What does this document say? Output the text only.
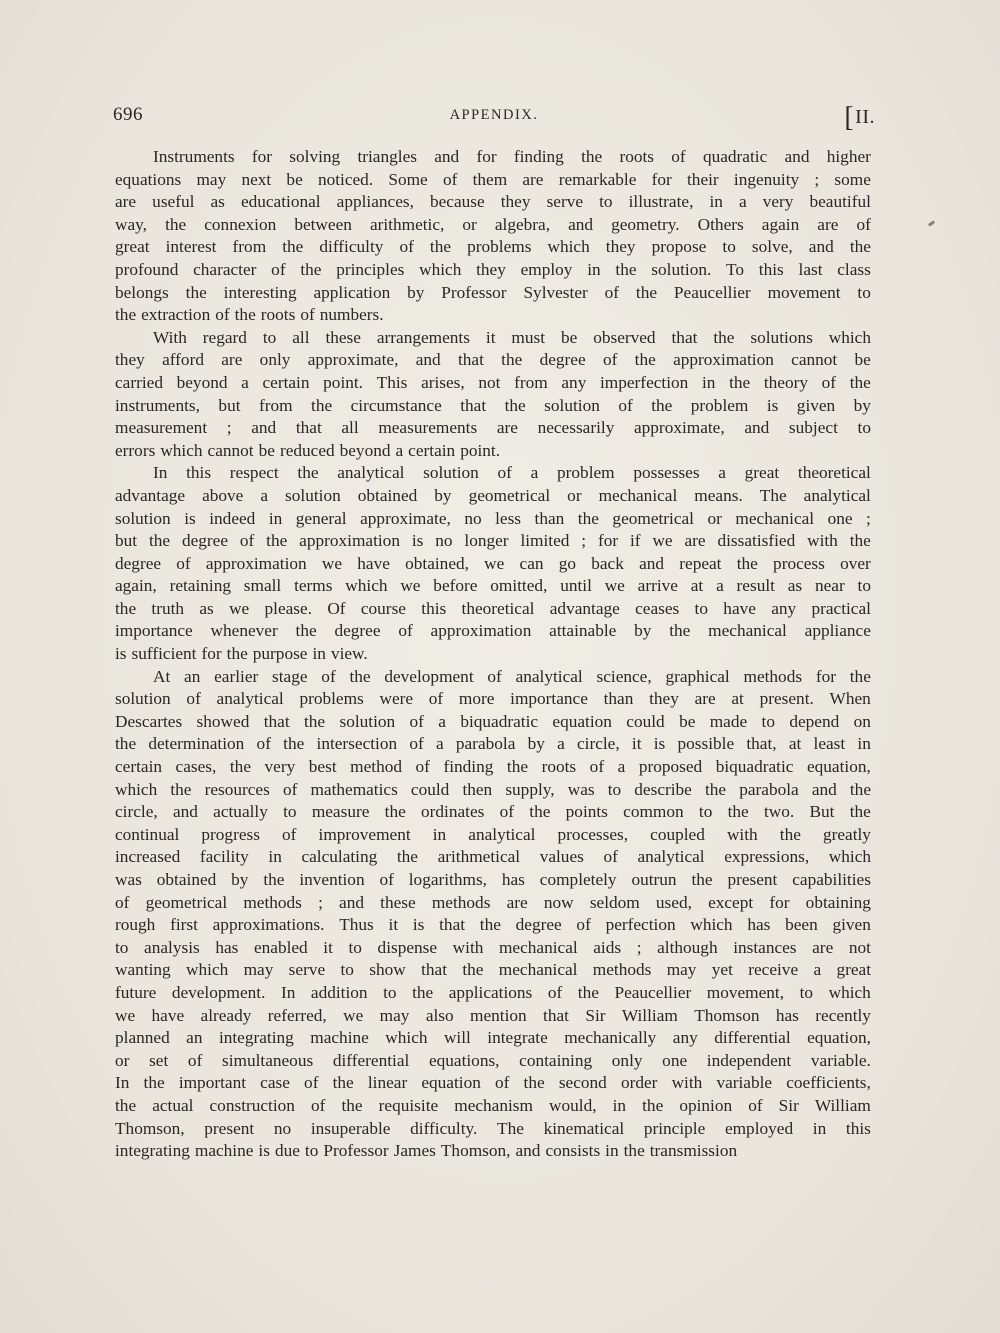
696	APPENDIX.	[II.
Instruments for solving triangles and for finding the roots of quadratic and higher
equations may next be noticed. Some of them are remarkable for their ingenuity ; some
are useful as educational appliances, because they serve to illustrate, in a very beautiful
way, the connexion between arithmetic, or algebra, and geometry. Others again are of
great interest from the difficulty of the problems which they propose to solve, and the
profound character of the principles which they employ in the solution. To this last class
belongs the interesting application by Professor Sylvester of the Peaucellier movement to
the extraction of the roots of numbers.
With regard to all these arrangements it must be observed that the solutions which
they afford are only approximate, and that the degree of the approximation cannot be
carried beyond a certain point. This arises, not from any imperfection in the theory of the
instruments, but from the circumstance that the solution of the problem is given by
measurement ; and that all measurements are necessarily approximate, and subject to
errors which cannot be reduced beyond a certain point.
In this respect the analytical solution of a problem possesses a great theoretical
advantage above a solution obtained by geometrical or mechanical means. The analytical
solution is indeed in general approximate, no less than the geometrical or mechanical one ;
but the degree of the approximation is no longer limited ; for if we are dissatisfied with the
degree of approximation we have obtained, we can go back and repeat the process over
again, retaining small terms which we before omitted, until we arrive at a result as near to
the truth as we please. Of course this theoretical advantage ceases to have any practical
importance whenever the degree of approximation attainable by the mechanical appliance
is sufficient for the purpose in view.
At an earlier stage of the development of analytical science, graphical methods for the
solution of analytical problems were of more importance than they are at present. When
Descartes showed that the solution of a biquadratic equation could be made to depend on
the determination of the intersection of a parabola by a circle, it is possible that, at least in
certain cases, the very best method of finding the roots of a proposed biquadratic equation,
which the resources of mathematics could then supply, was to describe the parabola and the
circle, and actually to measure the ordinates of the points common to the two. But the
continual progress of improvement in analytical processes, coupled with the greatly
increased facility in calculating the arithmetical values of analytical expressions, which
was obtained by the invention of logarithms, has completely outrun the present capabilities
of geometrical methods ; and these methods are now seldom used, except for obtaining
rough first approximations. Thus it is that the degree of perfection which has been given
to analysis has enabled it to dispense with mechanical aids ; although instances are not
wanting which may serve to show that the mechanical methods may yet receive a great
future development. In addition to the applications of the Peaucellier movement, to which
we have already referred, we may also mention that Sir William Thomson has recently
planned an integrating machine which will integrate mechanically any differential equation,
or set of simultaneous differential equations, containing only one independent variable.
In the important case of the linear equation of the second order with variable coefficients,
the actual construction of the requisite mechanism would, in the opinion of Sir William
Thomson, present no insuperable difficulty. The kinematical principle employed in this
integrating machine is due to Professor James Thomson, and consists in the transmission
